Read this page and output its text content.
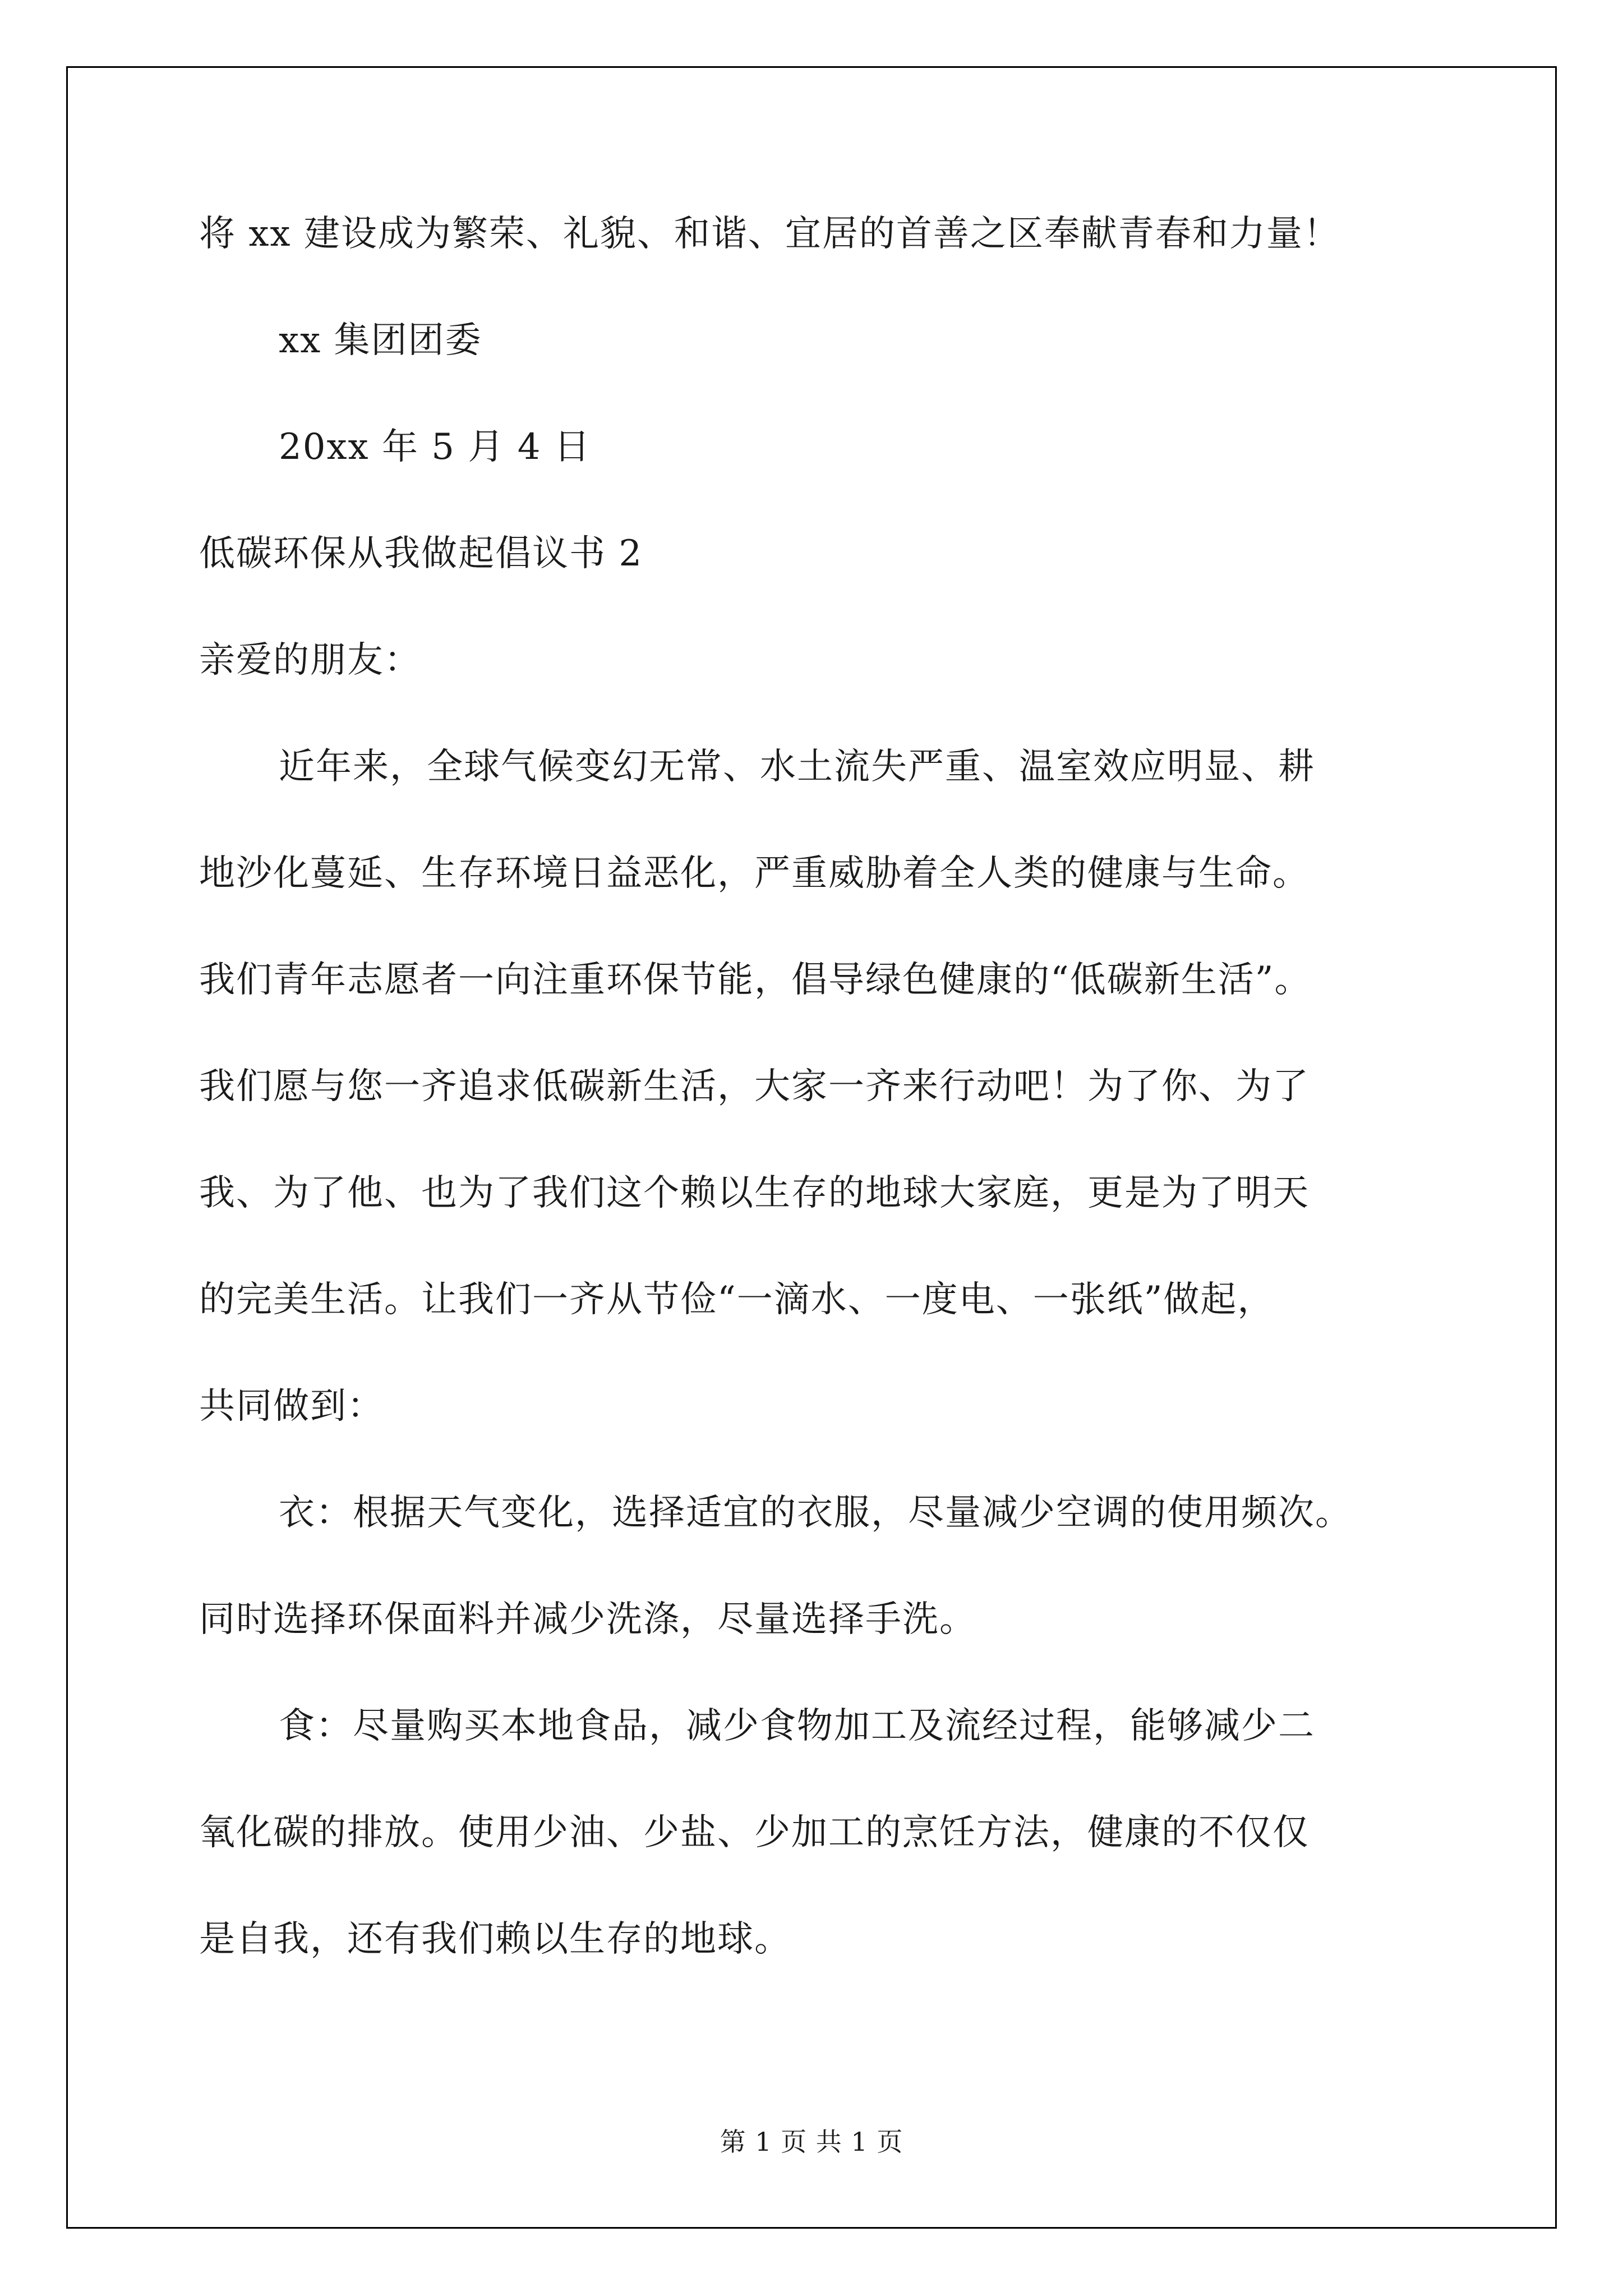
将 xx 建设成为繁荣、礼貌、和谐、宜居的首善之区奉献青春和力量！

xx 集团团委

20xx 年 5 月 4 日

低碳环保从我做起倡议书 2

亲爱的朋友：

近年来，全球气候变幻无常、水土流失严重、温室效应明显、耕

地沙化蔓延、生存环境日益恶化，严重威胁着全人类的健康与生命。

我们青年志愿者一向注重环保节能，倡导绿色健康的“低碳新生活”。

我们愿与您一齐追求低碳新生活，大家一齐来行动吧！为了你、为了

我、为了他、也为了我们这个赖以生存的地球大家庭，更是为了明天

的完美生活。让我们一齐从节俭“一滴水、一度电、一张纸”做起，

共同做到：

衣：根据天气变化，选择适宜的衣服，尽量减少空调的使用频次。

同时选择环保面料并减少洗涤，尽量选择手洗。

食：尽量购买本地食品，减少食物加工及流经过程，能够减少二

氧化碳的排放。使用少油、少盐、少加工的烹饪方法，健康的不仅仅

是自我，还有我们赖以生存的地球。

第 1 页 共 1 页
